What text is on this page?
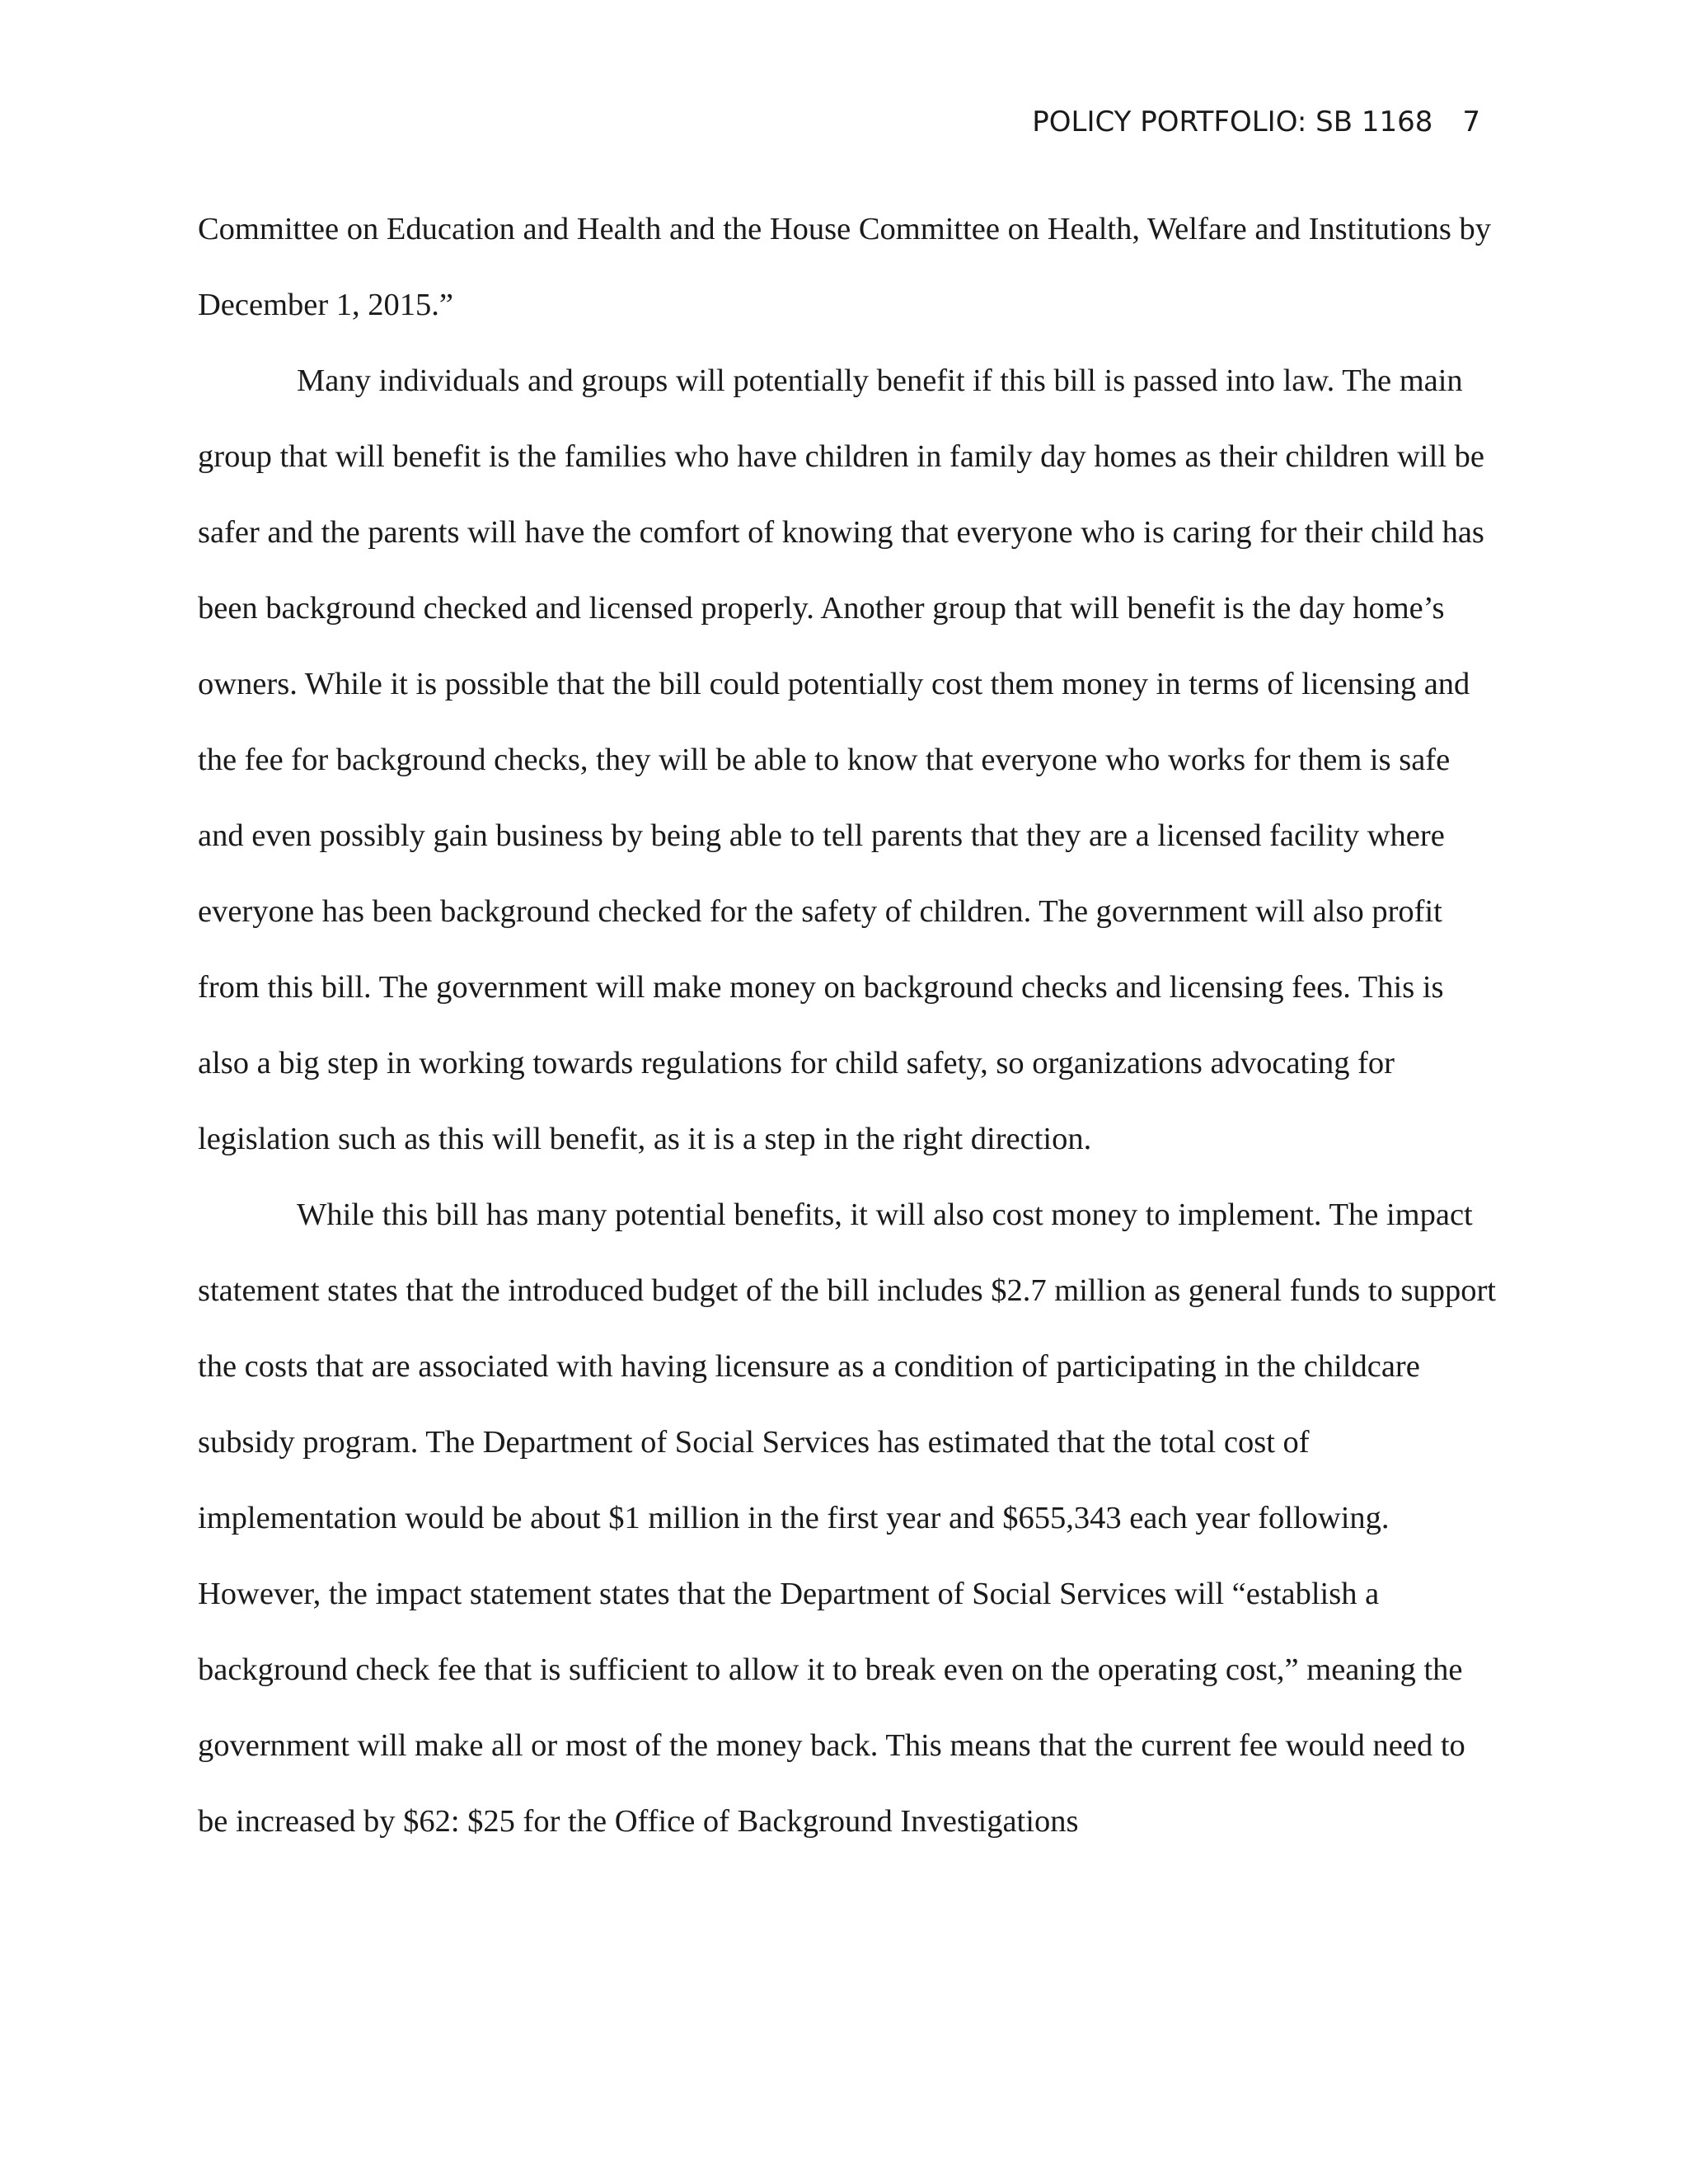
POLICY PORTFOLIO: SB 1168 7

Committee on Education and Health and the House Committee on Health, Welfare and Institutions by December 1, 2015.”

Many individuals and groups will potentially benefit if this bill is passed into law. The main group that will benefit is the families who have children in family day homes as their children will be safer and the parents will have the comfort of knowing that everyone who is caring for their child has been background checked and licensed properly. Another group that will benefit is the day home’s owners. While it is possible that the bill could potentially cost them money in terms of licensing and the fee for background checks, they will be able to know that everyone who works for them is safe and even possibly gain business by being able to tell parents that they are a licensed facility where everyone has been background checked for the safety of children. The government will also profit from this bill. The government will make money on background checks and licensing fees. This is also a big step in working towards regulations for child safety, so organizations advocating for legislation such as this will benefit, as it is a step in the right direction.

While this bill has many potential benefits, it will also cost money to implement. The impact statement states that the introduced budget of the bill includes $2.7 million as general funds to support the costs that are associated with having licensure as a condition of participating in the childcare subsidy program. The Department of Social Services has estimated that the total cost of implementation would be about $1 million in the first year and $655,343 each year following. However, the impact statement states that the Department of Social Services will “establish a background check fee that is sufficient to allow it to break even on the operating cost,” meaning the government will make all or most of the money back. This means that the current fee would need to be increased by $62: $25 for the Office of Background Investigations
